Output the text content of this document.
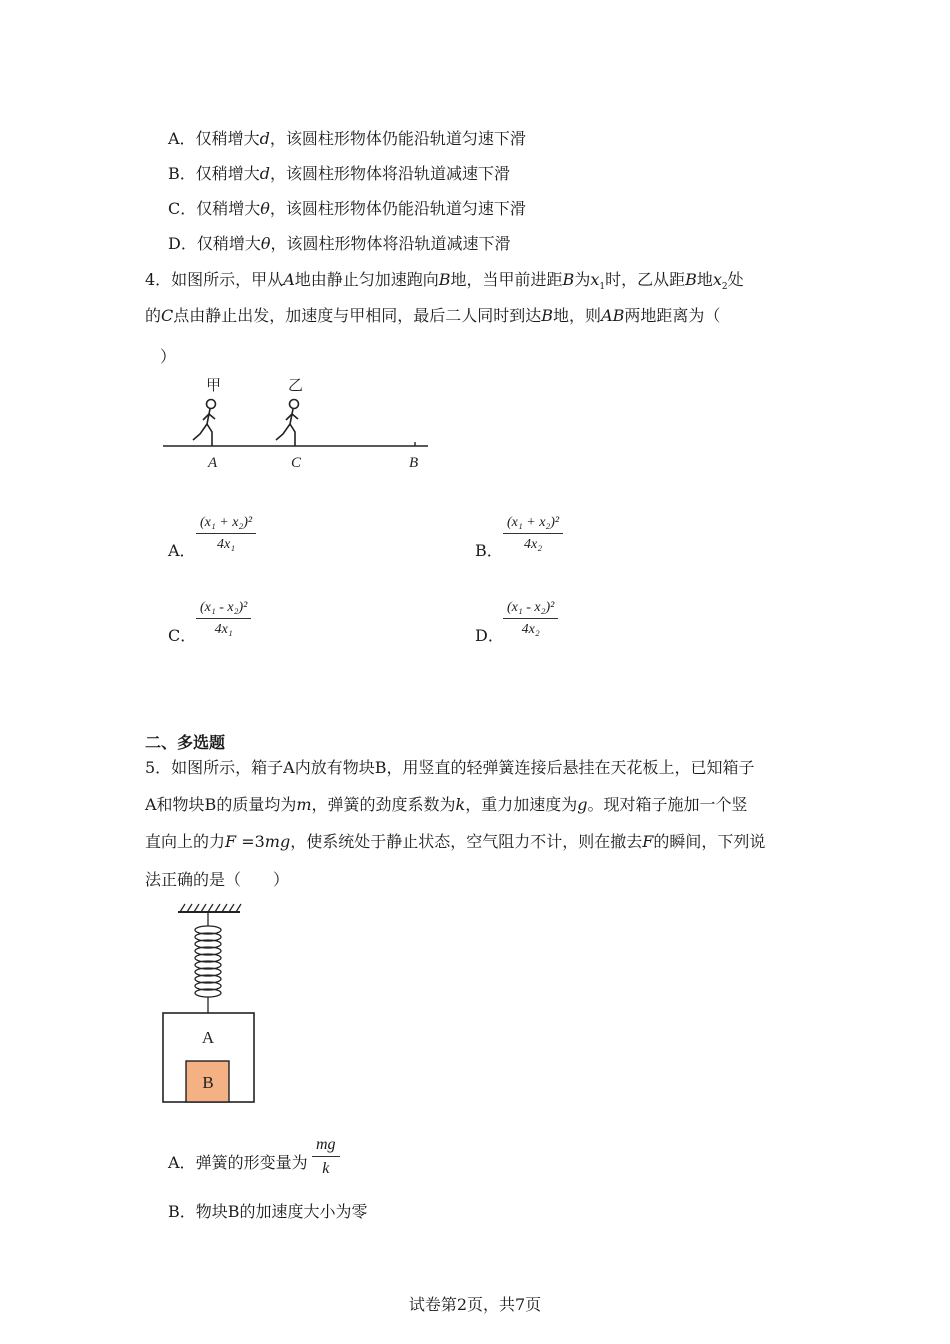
A．仅稍增大d，该圆柱形物体仍能沿轨道匀速下滑
B．仅稍增大d，该圆柱形物体将沿轨道减速下滑
C．仅稍增大θ，该圆柱形物体仍能沿轨道匀速下滑
D．仅稍增大θ，该圆柱形物体将沿轨道减速下滑
4．如图所示，甲从A地由静止匀加速跑向B地，当甲前进距B为$x_1$时，乙从距B地$x_2$处
的C点由静止出发，加速度与甲相同，最后二人同时到达B地，则AB两地距离为（
）
甲	乙
A	C	B
A． $\frac{\text{(x₁ + x₂)²}}{\text{4x₁}}$	B． $\frac{\text{(x₁ + x₂)²}}{\text{4x₂}}$
C． $\frac{\text{(x₁ - x₂)²}}{\text{4x₁}}$	D． $\frac{\text{(x₁ - x₂)²}}{\text{4x₂}}$
二、多选题
5．如图所示，箱子A内放有物块B，用竖直的轻弹簧连接后悬挂在天花板上，已知箱子
A和物块B的质量均为m，弹簧的劲度系数为k，重力加速度为g。现对箱子施加一个竖
直向上的力F =3mg，使系统处于静止状态，空气阻力不计，则在撤去F的瞬间，下列说
法正确的是（　　）
A
B
A．弹簧的形变量为 $\frac{mg}{k}$
B．物块B的加速度大小为零
试卷第2页，共7页
